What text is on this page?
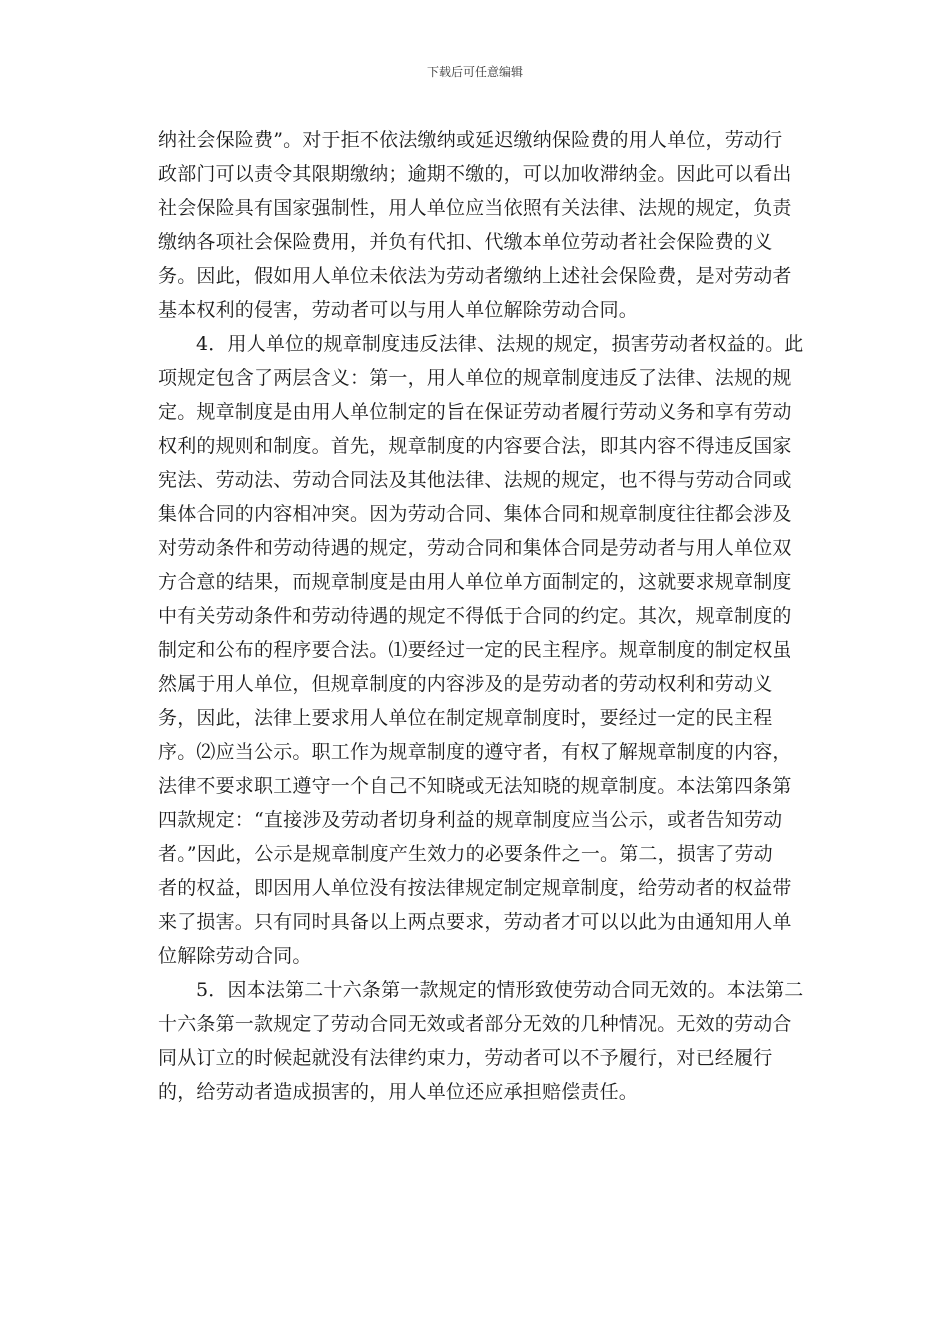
下载后可任意编辑
纳社会保险费”。对于拒不依法缴纳或延迟缴纳保险费的用人单位，劳动行
政部门可以责令其限期缴纳；逾期不缴的，可以加收滞纳金。因此可以看出
社会保险具有国家强制性，用人单位应当依照有关法律、法规的规定，负责
缴纳各项社会保险费用，并负有代扣、代缴本单位劳动者社会保险费的义
务。因此，假如用人单位未依法为劳动者缴纳上述社会保险费，是对劳动者
基本权利的侵害，劳动者可以与用人单位解除劳动合同。
4．用人单位的规章制度违反法律、法规的规定，损害劳动者权益的。此
项规定包含了两层含义：第一，用人单位的规章制度违反了法律、法规的规
定。规章制度是由用人单位制定的旨在保证劳动者履行劳动义务和享有劳动
权利的规则和制度。首先，规章制度的内容要合法，即其内容不得违反国家
宪法、劳动法、劳动合同法及其他法律、法规的规定，也不得与劳动合同或
集体合同的内容相冲突。因为劳动合同、集体合同和规章制度往往都会涉及
对劳动条件和劳动待遇的规定，劳动合同和集体合同是劳动者与用人单位双
方合意的结果，而规章制度是由用人单位单方面制定的，这就要求规章制度
中有关劳动条件和劳动待遇的规定不得低于合同的约定。其次，规章制度的
制定和公布的程序要合法。⑴要经过一定的民主程序。规章制度的制定权虽
然属于用人单位，但规章制度的内容涉及的是劳动者的劳动权利和劳动义
务，因此，法律上要求用人单位在制定规章制度时，要经过一定的民主程
序。⑵应当公示。职工作为规章制度的遵守者，有权了解规章制度的内容，
法律不要求职工遵守一个自己不知晓或无法知晓的规章制度。本法第四条第
四款规定：“直接涉及劳动者切身利益的规章制度应当公示，或者告知劳动
者。”因此，公示是规章制度产生效力的必要条件之一。第二，损害了劳动
者的权益，即因用人单位没有按法律规定制定规章制度，给劳动者的权益带
来了损害。只有同时具备以上两点要求，劳动者才可以以此为由通知用人单
位解除劳动合同。
5．因本法第二十六条第一款规定的情形致使劳动合同无效的。本法第二
十六条第一款规定了劳动合同无效或者部分无效的几种情况。无效的劳动合
同从订立的时候起就没有法律约束力，劳动者可以不予履行，对已经履行
的，给劳动者造成损害的，用人单位还应承担赔偿责任。
